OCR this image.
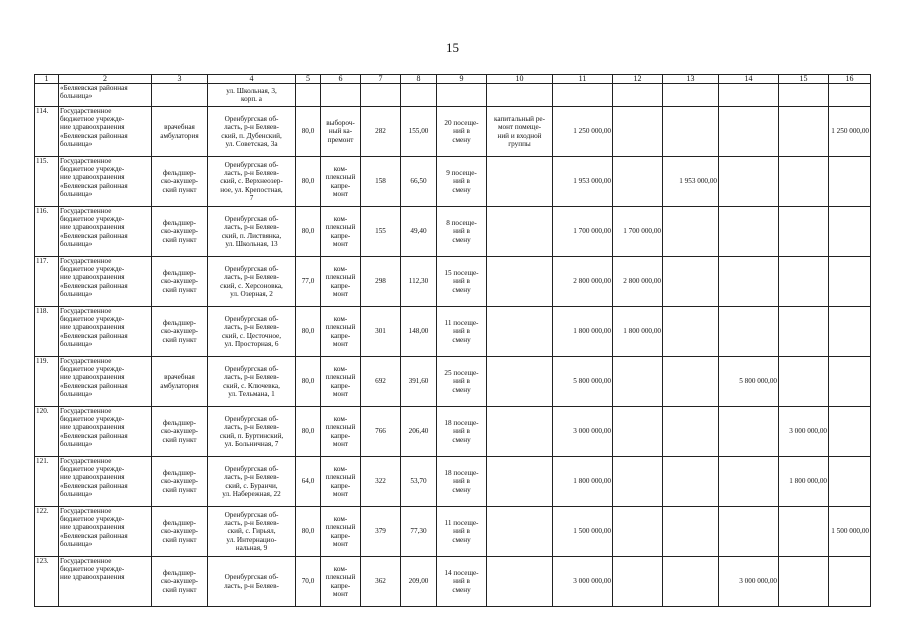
15
1	2	3	4	5	6	7	8	9	10	11	12	13	14	15	16
	«Беляевская районная
больница»		ул. Школьная, 3,
корп. а												
114.	Государственное
бюджетное учрежде-
ние здравоохранения
«Беляевская районная
больница»	врачебная
амбулатория	Оренбургская об-
ласть, р-н Беляев-
ский, п. Дубенский,
ул. Советская, 3а	80,0	выбороч-
ный ка-
премонт	282	155,00	20 посеще-
ний в
смену	капитальный ре-
монт помеще-
ний и входной
группы	1 250 000,00					1 250 000,00
115.	Государственное
бюджетное учрежде-
ние здравоохранения
«Беляевская районная
больница»	фельдшер-
ско-акушер-
ский пункт	Оренбургская об-
ласть, р-н Беляев-
ский, с. Верхнеозер-
ное, ул. Крепостная,
7	80,0	ком-
плексный
капре-
монт	158	66,50	9 посеще-
ний в
смену		1 953 000,00		1 953 000,00			
116.	Государственное
бюджетное учрежде-
ние здравоохранения
«Беляевская районная
больница»	фельдшер-
ско-акушер-
ский пункт	Оренбургская об-
ласть, р-н Беляев-
ский, п. Листвянка,
ул. Школьная, 13	80,0	ком-
плексный
капре-
монт	155	49,40	8 посеще-
ний в
смену		1 700 000,00	1 700 000,00				
117.	Государственное
бюджетное учрежде-
ние здравоохранения
«Беляевская районная
больница»	фельдшер-
ско-акушер-
ский пункт	Оренбургская об-
ласть, р-н Беляев-
ский, с. Херсоновка,
ул. Озерная, 2	77,0	ком-
плексный
капре-
монт	298	112,30	15 посеще-
ний в
смену		2 800 000,00	2 800 000,00				
118.	Государственное
бюджетное учрежде-
ние здравоохранения
«Беляевская районная
больница»	фельдшер-
ско-акушер-
ский пункт	Оренбургская об-
ласть, р-н Беляев-
ский, с. Цесточное,
ул. Просторная, 6	80,0	ком-
плексный
капре-
монт	301	148,00	11 посеще-
ний в
смену		1 800 000,00	1 800 000,00				
119.	Государственное
бюджетное учрежде-
ние здравоохранения
«Беляевская районная
больница»	врачебная
амбулатория	Оренбургская об-
ласть, р-н Беляев-
ский, с. Ключевка,
ул. Тельмана, 1	80,0	ком-
плексный
капре-
монт	692	391,60	25 посеще-
ний в
смену		5 800 000,00			5 800 000,00		
120.	Государственное
бюджетное учрежде-
ние здравоохранения
«Беляевская районная
больница»	фельдшер-
ско-акушер-
ский пункт	Оренбургская об-
ласть, р-н Беляев-
ский, п. Буртинский,
ул. Больничная, 7	80,0	ком-
плексный
капре-
монт	766	206,40	18 посеще-
ний в
смену		3 000 000,00				3 000 000,00	
121.	Государственное
бюджетное учрежде-
ние здравоохранения
«Беляевская районная
больница»	фельдшер-
ско-акушер-
ский пункт	Оренбургская об-
ласть, р-н Беляев-
ский, с. Буранчи,
ул. Набережная, 22	64,0	ком-
плексный
капре-
монт	322	53,70	18 посеще-
ний в
смену		1 800 000,00				1 800 000,00	
122.	Государственное
бюджетное учрежде-
ние здравоохранения
«Беляевская районная
больница»	фельдшер-
ско-акушер-
ский пункт	Оренбургская об-
ласть, р-н Беляев-
ский, с. Гирьял,
ул. Интернацио-
нальная, 9	80,0	ком-
плексный
капре-
монт	379	77,30	11 посеще-
ний в
смену		1 500 000,00					1 500 000,00
123.	Государственное
бюджетное учрежде-
ние здравоохранения	фельдшер-
ско-акушер-
ский пункт	Оренбургская об-
ласть, р-н Беляев-	70,0	ком-
плексный
капре-
монт	362	209,00	14 посеще-
ний в
смену		3 000 000,00			3 000 000,00		
